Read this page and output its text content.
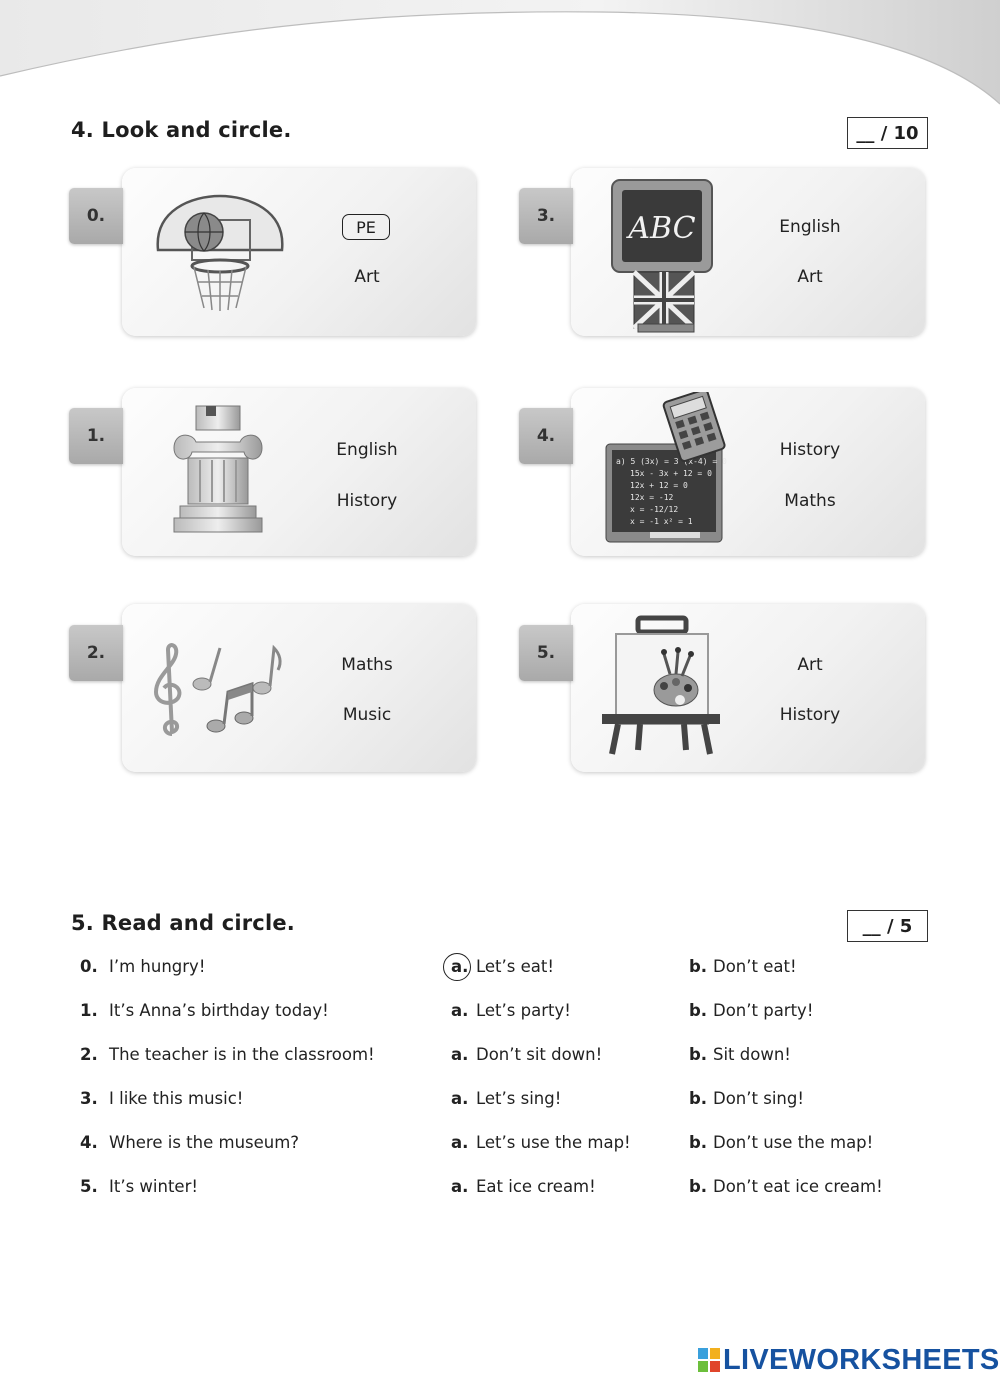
4. Look and circle.	__ / 10
0.
PE
Art
1.
English
History
2.
Maths
Music
3.	ABC	English
Art
4.
a) 5 (3x) = 3 (x-4) = 0 15x - 3x + 12 = 0 12x + 12 = 0 12x = -12 x = -12/12 x = -1 x² = 1
History
Maths
5.
Art
History
5. Read and circle.	__ / 5
0. I’m hungry!	a. Let’s eat!	b. Don’t eat!
1. It’s Anna’s birthday today!	a. Let’s party!	b. Don’t party!
2. The teacher is in the classroom!	a. Don’t sit down!	b. Sit down!
3. I like this music!	a. Let’s sing!	b. Don’t sing!
4. Where is the museum?	a. Let’s use the map!	b. Don’t use the map!
5. It’s winter!	a. Eat ice cream!	b. Don’t eat ice cream!
LIVEWORKSHEETS
